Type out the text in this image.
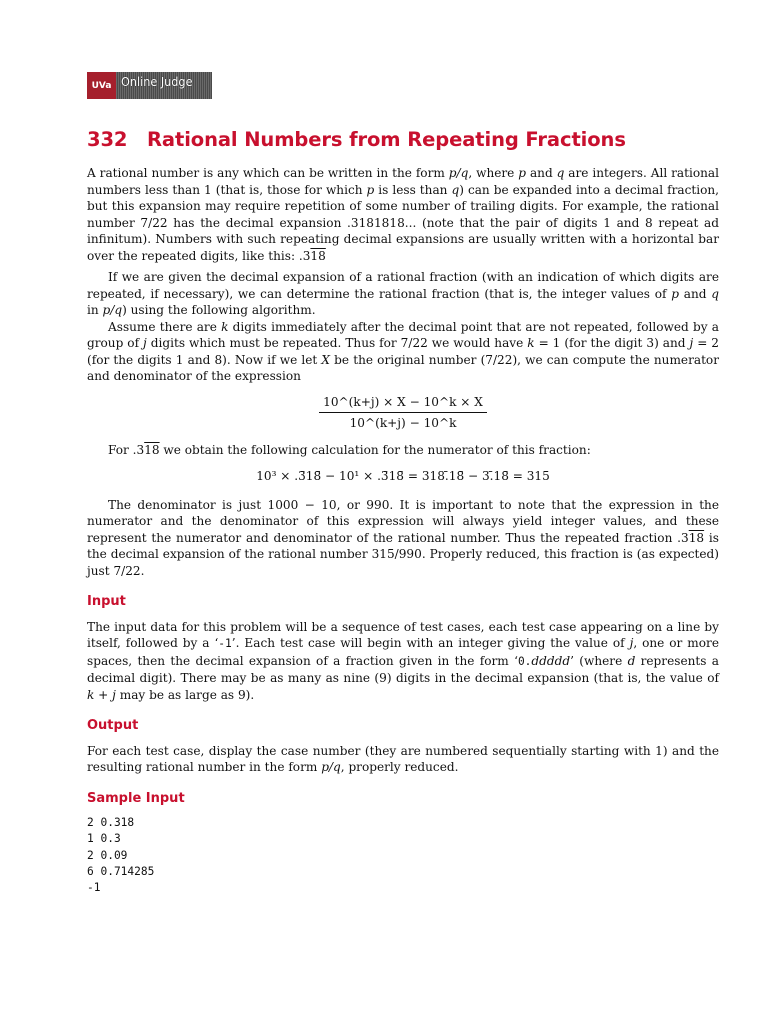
UVa Online Judge
332 Rational Numbers from Repeating Fractions

A rational number is any which can be written in the form p/q, where p and q are integers. All rational numbers less than 1 (that is, those for which p is less than q) can be expanded into a decimal fraction, but this expansion may require repetition of some number of trailing digits. For example, the rational number 7/22 has the decimal expansion .3181818... (note that the pair of digits 1 and 8 repeat ad infinitum). Numbers with such repeating decimal expansions are usually written with a horizontal bar over the repeated digits, like this: .318

If we are given the decimal expansion of a rational fraction (with an indication of which digits are repeated, if necessary), we can determine the rational fraction (that is, the integer values of p and q in p/q) using the following algorithm.

Assume there are k digits immediately after the decimal point that are not repeated, followed by a group of j digits which must be repeated. Thus for 7/22 we would have k = 1 (for the digit 3) and j = 2 (for the digits 1 and 8). Now if we let X be the original number (7/22), we can compute the numerator and denominator of the expression

$\frac{10\^{}(k+j) \times X - 10\^{}k \times X}{10\^{}(k+j) - 10\^{}k}$

For .318 we obtain the following calculation for the numerator of this fraction:

10³ × .3̄18̄ − 10¹ × .3̄18̄ = 318.̄18̄ − 3.̄18̄ = 315

The denominator is just 1000 − 10, or 990. It is important to note that the expression in the numerator and the denominator of this expression will always yield integer values, and these represent the numerator and denominator of the rational number. Thus the repeated fraction .318 is the decimal expansion of the rational number 315/990. Properly reduced, this fraction is (as expected) just 7/22.

Input

The input data for this problem will be a sequence of test cases, each test case appearing on a line by itself, followed by a ‘-1’. Each test case will begin with an integer giving the value of j, one or more spaces, then the decimal expansion of a fraction given in the form ‘0.ddddd’ (where d represents a decimal digit). There may be as many as nine (9) digits in the decimal expansion (that is, the value of k + j may be as large as 9).

Output

For each test case, display the case number (they are numbered sequentially starting with 1) and the resulting rational number in the form p/q, properly reduced.

Sample Input
2 0.318
1 0.3
2 0.09
6 0.714285
-1
